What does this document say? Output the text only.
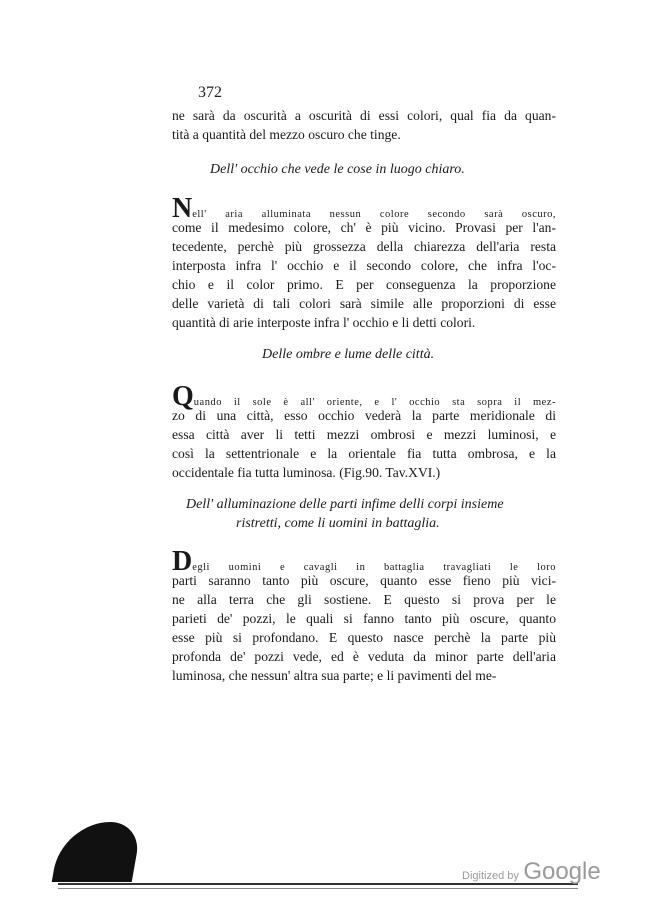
372
ne sarà da oscurità a oscurità di essi colori, qual fia da quan-
tità a quantità del mezzo oscuro che tinge.
Dell' occhio che vede le cose in luogo chiaro.
Nell' aria alluminata nessun colore secondo sarà oscuro,
come il medesimo colore, ch' è più vicino. Provasi per l'an-
tecedente, perchè più grossezza della chiarezza dell'aria resta
interposta infra l' occhio e il secondo colore, che infra l'oc-
chio e il color primo. E per conseguenza la proporzione
delle varietà di tali colori sarà simile alle proporzioni di esse
quantità di arie interposte infra l' occhio e li detti colori.
Delle ombre e lume delle città.
Quando il sole è all' oriente, e l' occhio sta sopra il mez-
zo di una città, esso occhio vederà la parte meridionale di
essa città aver li tetti mezzi ombrosi e mezzi luminosi, e
così la settentrionale e la orientale fia tutta ombrosa, e la
occidentale fia tutta luminosa. (Fig.90. Tav.XVI.)
Dell' alluminazione delle parti infime delli corpi insieme
ristretti, come li uomini in battaglia.
Degli uomini e cavagli in battaglia travagliati le loro
parti saranno tanto più oscure, quanto esse fieno più vici-
ne alla terra che gli sostiene. E questo si prova per le
parieti de' pozzi, le quali si fanno tanto più oscure, quanto
esse più si profondano. E questo nasce perchè la parte più
profonda de' pozzi vede, ed è veduta da minor parte dell'aria
luminosa, che nessun' altra sua parte; e li pavimenti del me-
Digitized by Google
